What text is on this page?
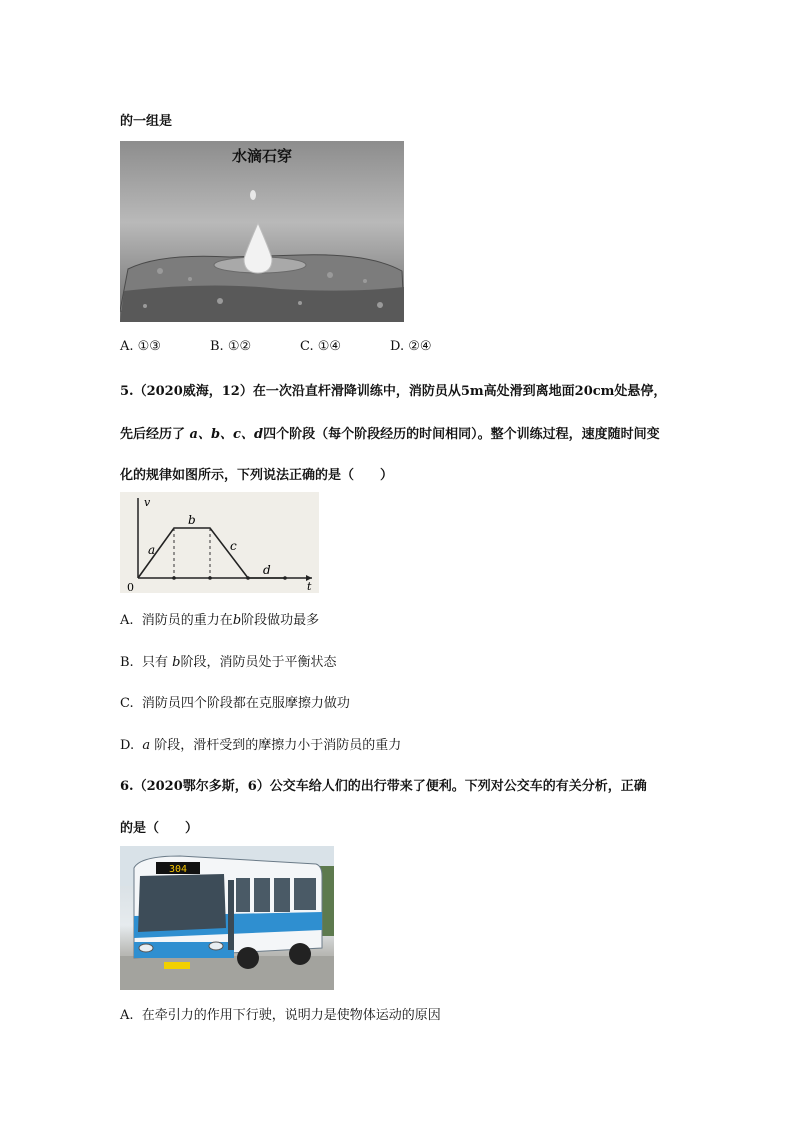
的一组是
水滴石穿
A. ①③	B. ①②	C. ①④	D. ②④
5.（2020威海，12）在一次沿直杆滑降训练中，消防员从5m高处滑到离地面20cm处悬停，
先后经历了 a、b、c、d四个阶段（每个阶段经历的时间相同）。整个训练过程，速度随时间变
化的规律如图所示，下列说法正确的是（　　）
v
t
0
a
b
c
d
A. 消防员的重力在b阶段做功最多
B. 只有 b阶段，消防员处于平衡状态
C. 消防员四个阶段都在克服摩擦力做功
D. a 阶段，滑杆受到的摩擦力小于消防员的重力
6.（2020鄂尔多斯，6）公交车给人们的出行带来了便利。下列对公交车的有关分析，正确
的是（　　）
304
A. 在牵引力的作用下行驶，说明力是使物体运动的原因
